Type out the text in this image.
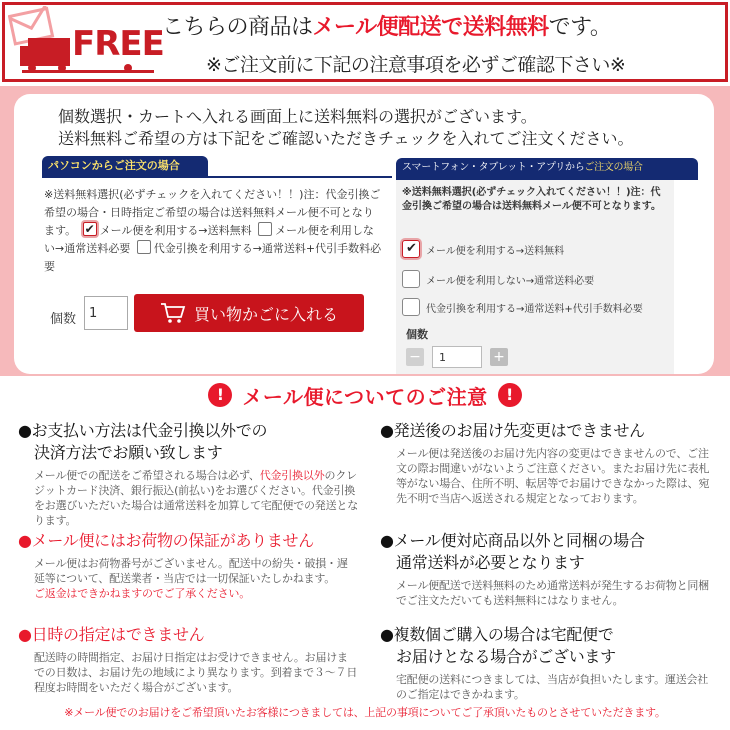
FREE
こちらの商品はメール便配送で送料無料です。
※ご注文前に下記の注意事項を必ずご確認下さい※
個数選択・カートへ入れる画面上に送料無料の選択がございます。
送料無料ご希望の方は下記をご確認いただきチェックを入れてご注文ください。
パソコンからご注文の場合
※送料無料選択(必ずチェックを入れてください！！)注：代金引換ご希望の場合・日時指定ご希望の場合は送料無料メール便不可となります。 ✔ メール便を利用する→送料無料 メール便を利用しない→通常送料必要 代金引換を利用する→通常送料+代引手数料必要
個数
1	買い物かごに入れる
スマートフォン・タブレット・アプリからご注文の場合
※送料無料選択(必ずチェック入れてください！！)注：代金引換ご希望の場合は送料無料メール便不可となります。
✔
メール便を利用する→送料無料
メール便を利用しない→通常送料必要
代金引換を利用する→通常送料+代引手数料必要
個数
−	1	+
! メール便についてのご注意	!
●お支払い方法は代金引換以外での
決済方法でお願い致します
メール便での配送をご希望される場合は必ず、代金引換以外のクレジットカード決済、銀行振込(前払い)をお選びください。代金引換をお選びいただいた場合は通常送料を加算して宅配便での発送となります。
●メール便にはお荷物の保証がありません
メール便はお荷物番号がございません。配送中の紛失・破損・遅延等について、配送業者・当店では一切保証いたしかねます。
ご返金はできかねますのでご了承ください。
●日時の指定はできません
配送時の時間指定、お届け日指定はお受けできません。お届けまでの日数は、お届け先の地域により異なります。到着まで３～７日程度お時間をいただく場合がございます。
●発送後のお届け先変更はできません
メール便は発送後のお届け先内容の変更はできませんので、ご注文の際お間違いがないようご注意ください。またお届け先に表札等がない場合、住所不明、転居等でお届けできなかった際は、宛先不明で当店へ返送される規定となっております。
●メール便対応商品以外と同梱の場合
通常送料が必要となります
メール便配送で送料無料のため通常送料が発生するお荷物と同梱でご注文ただいても送料無料にはなりません。
●複数個ご購入の場合は宅配便で
お届けとなる場合がございます
宅配便の送料につきましては、当店が負担いたします。運送会社のご指定はできかねます。
※メール便でのお届けをご希望頂いたお客様につきましては、上記の事項についてご了承頂いたものとさせていただきます。
